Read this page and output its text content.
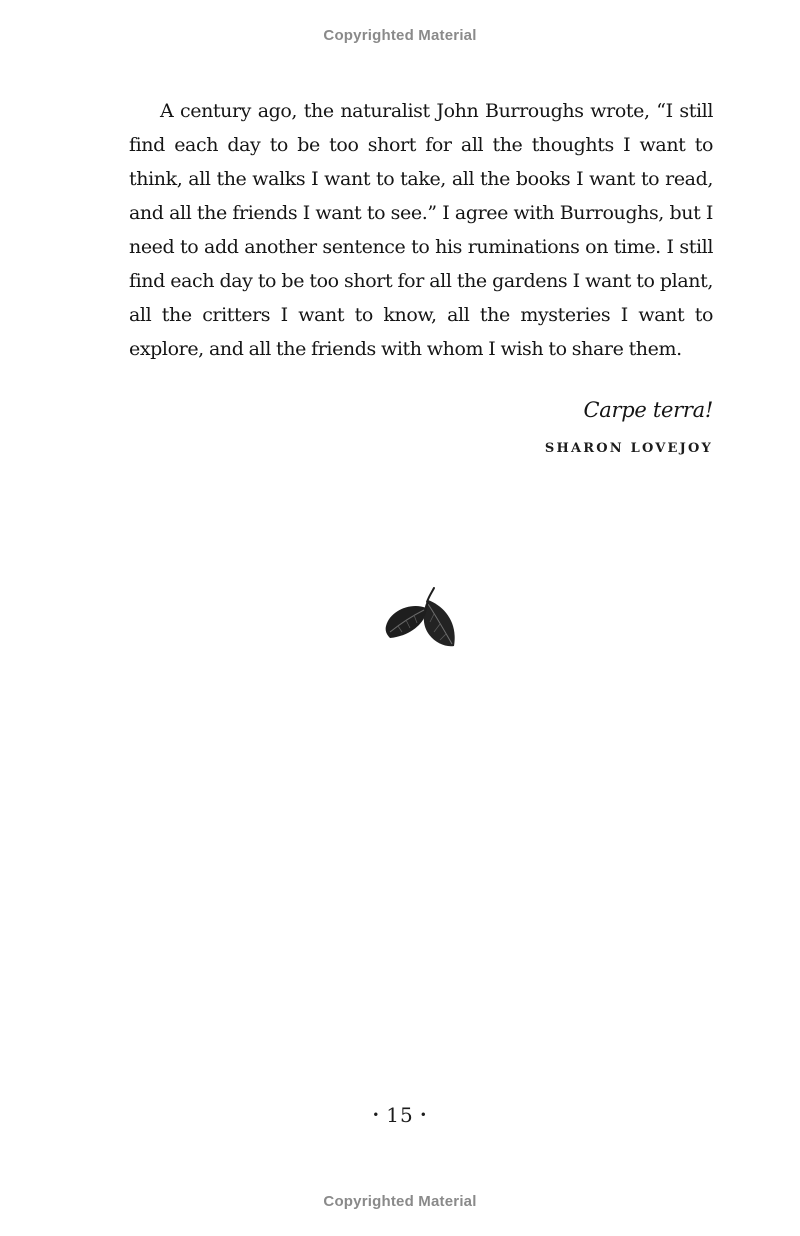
Copyrighted Material

A century ago, the naturalist John Burroughs wrote, “I still find each day to be too short for all the thoughts I want to think, all the walks I want to take, all the books I want to read, and all the friends I want to see.” I agree with Burroughs, but I need to add another sentence to his ruminations on time. I still find each day to be too short for all the gardens I want to plant, all the critters I want to know, all the mysteries I want to explore, and all the friends with whom I wish to share them.

Carpe terra!
SHARON LOVEJOY
• 15 •
Copyrighted Material
